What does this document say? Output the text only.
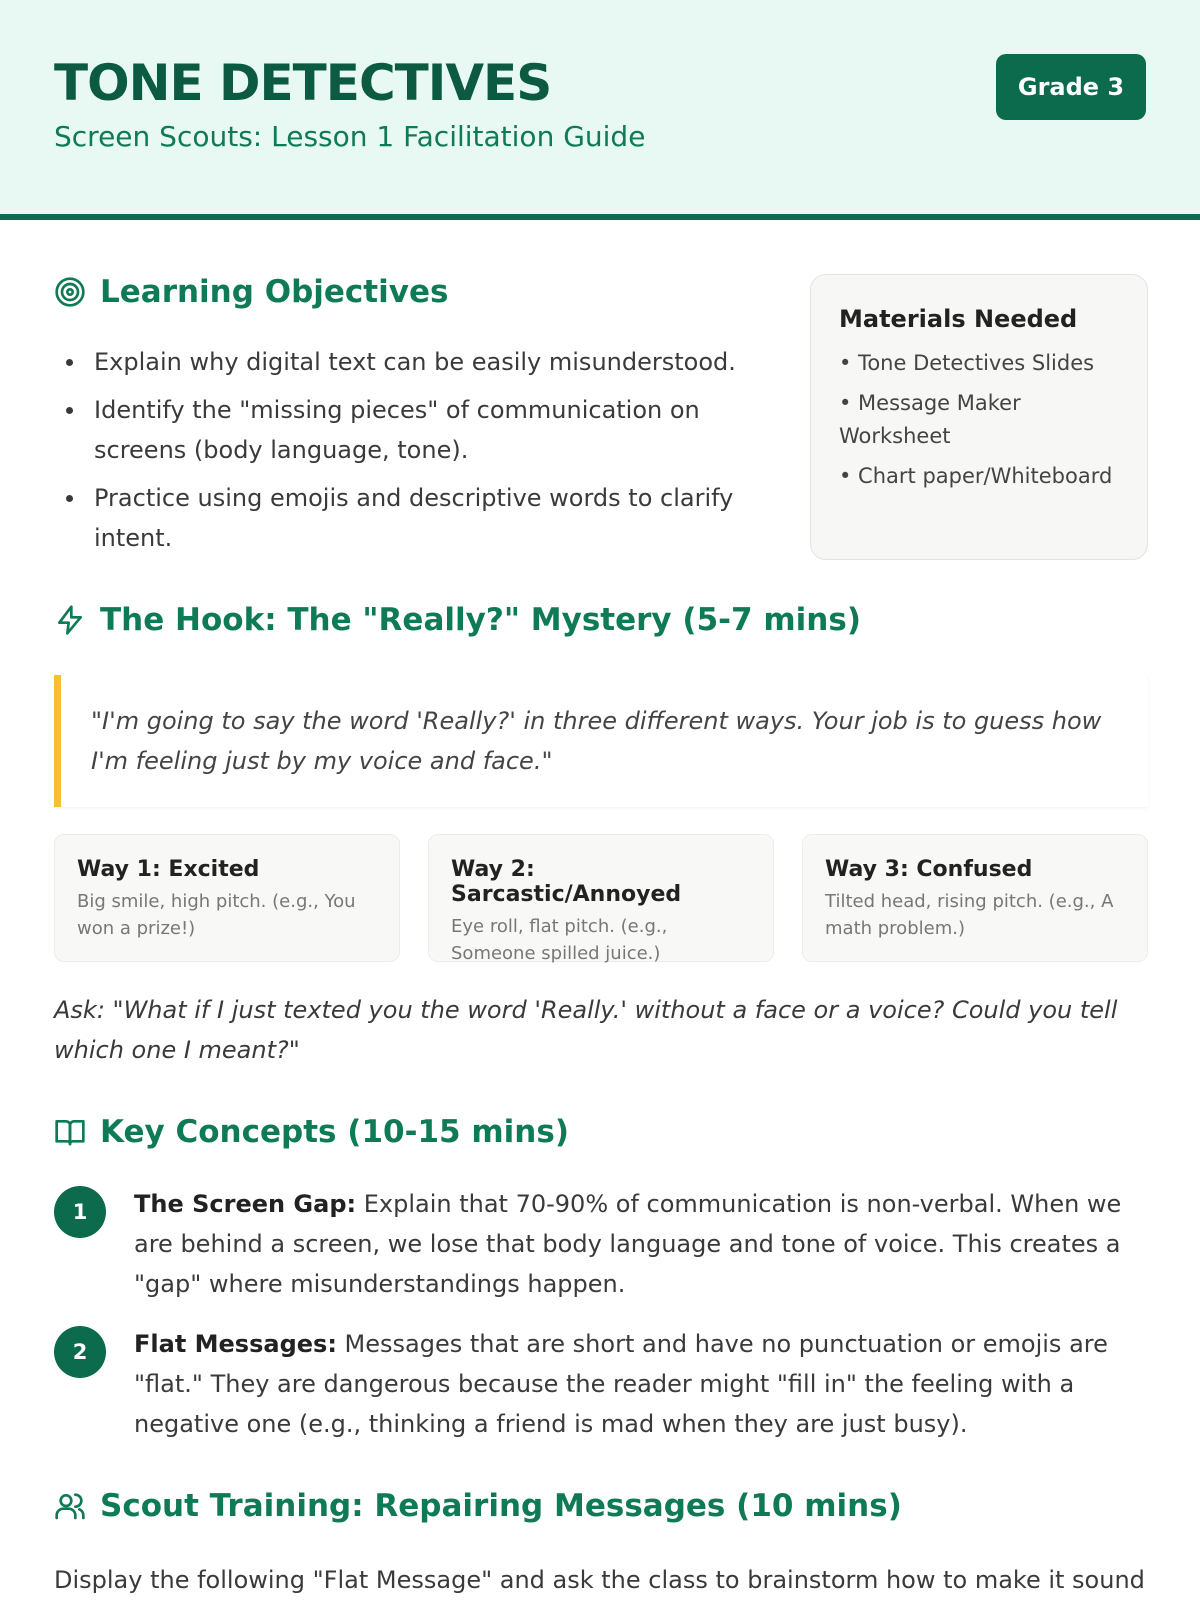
TONE DETECTIVES
Screen Scouts: Lesson 1 Facilitation Guide
Grade 3
Learning Objectives
Explain why digital text can be easily misunderstood.
Identify the "missing pieces" of communication on screens (body language, tone).
Practice using emojis and descriptive words to clarify intent.
Materials Needed
• Tone Detectives Slides
• Message Maker Worksheet
• Chart paper/Whiteboard
The Hook: The "Really?" Mystery (5-7 mins)
"I'm going to say the word 'Really?' in three different ways. Your job is to guess how I'm feeling just by my voice and face."
Way 1: Excited

Big smile, high pitch. (e.g., You won a prize!)

Way 2: Sarcastic/Annoyed

Eye roll, flat pitch. (e.g., Someone spilled juice.)

Way 3: Confused

Tilted head, rising pitch. (e.g., A math problem.)

Ask: "What if I just texted you the word 'Really.' without a face or a voice? Could you tell which one I meant?"
Key Concepts (10-15 mins)
1	The Screen Gap: Explain that 70-90% of communication is non-verbal. When we are behind a screen, we lose that body language and tone of voice. This creates a "gap" where misunderstandings happen.
2	Flat Messages: Messages that are short and have no punctuation or emojis are "flat." They are dangerous because the reader might "fill in" the feeling with a negative one (e.g., thinking a friend is mad when they are just busy).
Scout Training: Repairing Messages (10 mins)
Display the following "Flat Message" and ask the class to brainstorm how to make it sound
